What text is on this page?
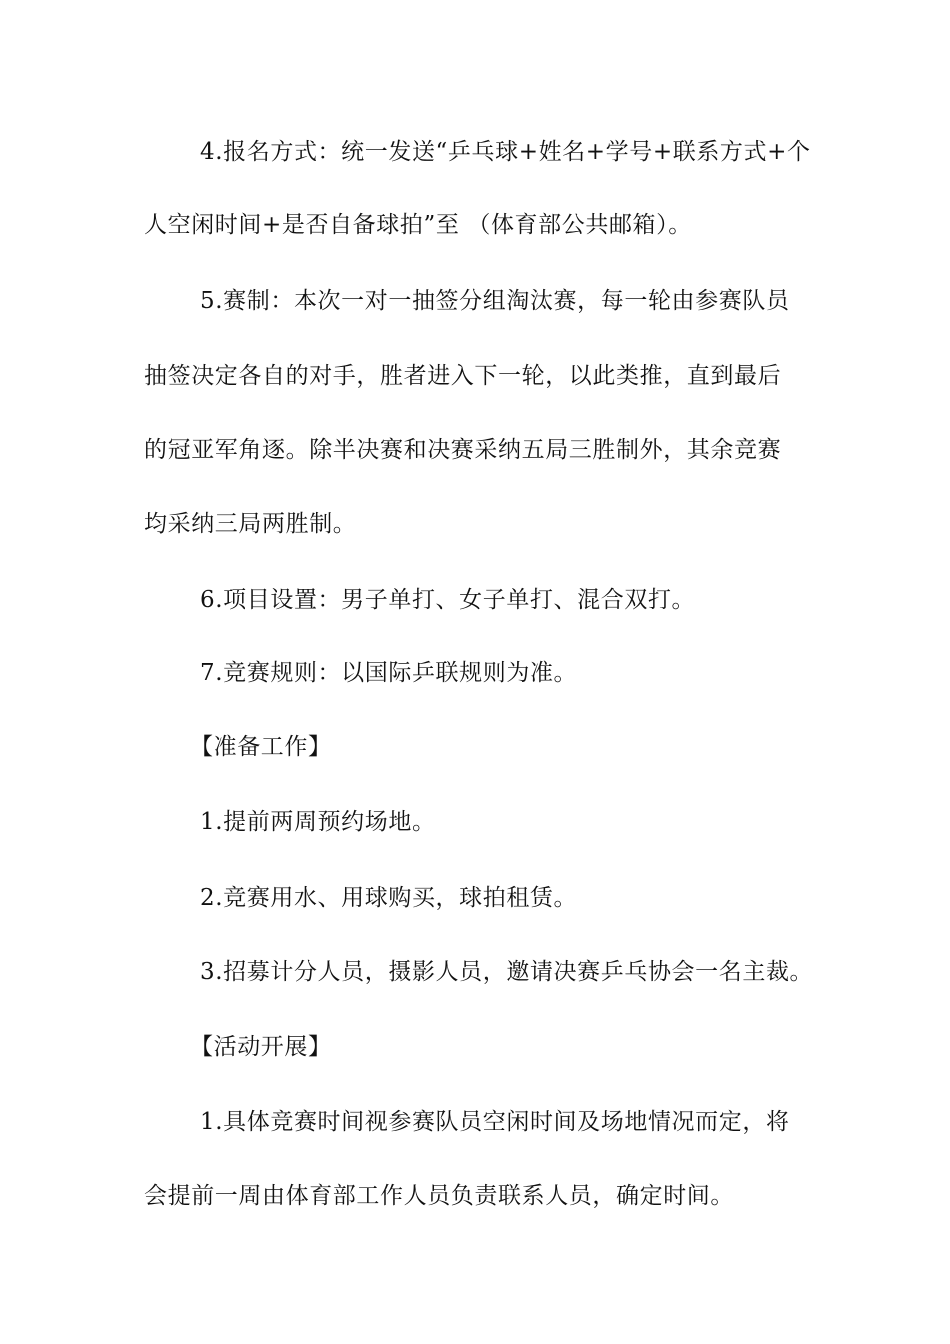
4.报名方式：统一发送“乒乓球+姓名+学号+联系方式+个
人空闲时间+是否自备球拍”至 （体育部公共邮箱）。
5.赛制：本次一对一抽签分组淘汰赛，每一轮由参赛队员
抽签决定各自的对手，胜者进入下一轮，以此类推，直到最后
的冠亚军角逐。除半决赛和决赛采纳五局三胜制外，其余竞赛
均采纳三局两胜制。
6.项目设置：男子单打、女子单打、混合双打。
7.竞赛规则：以国际乒联规则为准。
【准备工作】
1.提前两周预约场地。
2.竞赛用水、用球购买，球拍租赁。
3.招募计分人员，摄影人员，邀请决赛乒乓协会一名主裁。
【活动开展】
1.具体竞赛时间视参赛队员空闲时间及场地情况而定，将
会提前一周由体育部工作人员负责联系人员，确定时间。
